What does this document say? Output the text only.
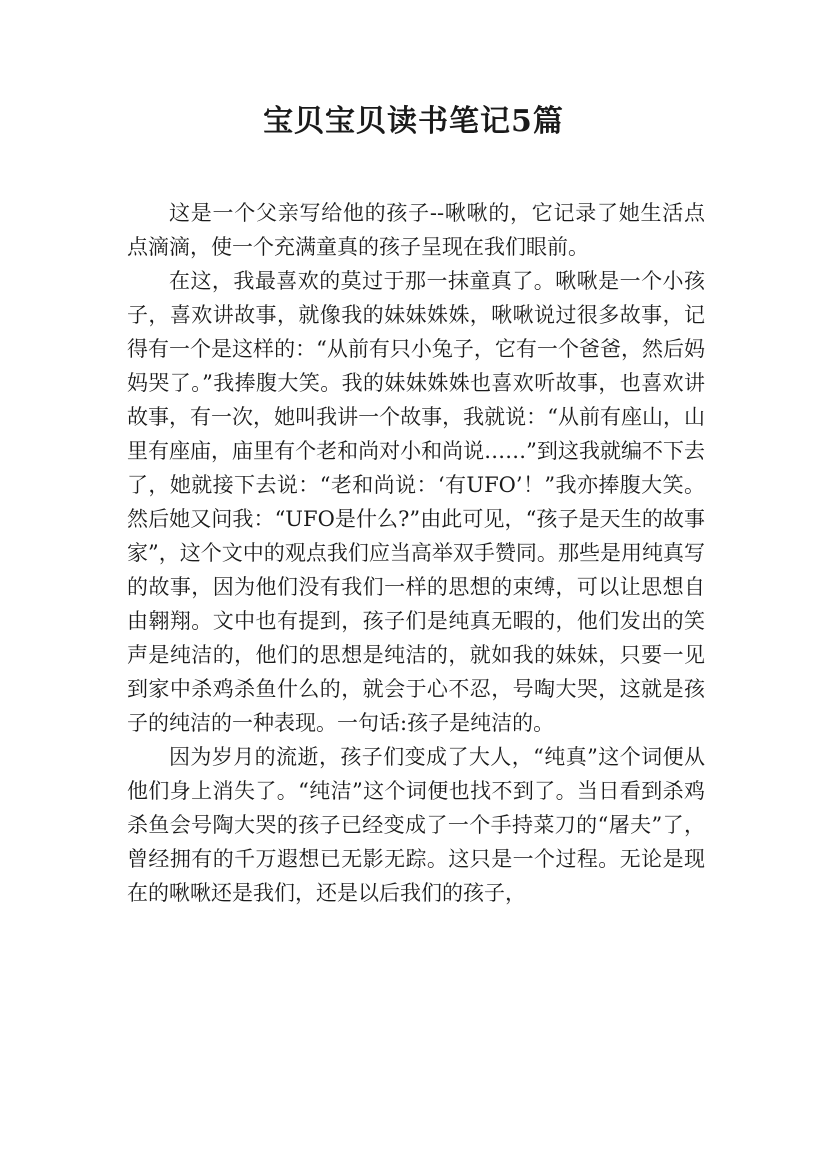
宝贝宝贝读书笔记5篇

这是一个父亲写给他的孩子--啾啾的，它记录了她生活点点滴滴，使一个充满童真的孩子呈现在我们眼前。

在这，我最喜欢的莫过于那一抹童真了。啾啾是一个小孩子，喜欢讲故事，就像我的妹妹姝姝，啾啾说过很多故事，记得有一个是这样的：“从前有只小兔子，它有一个爸爸，然后妈妈哭了。”我捧腹大笑。我的妹妹姝姝也喜欢听故事，也喜欢讲故事，有一次，她叫我讲一个故事，我就说：“从前有座山，山里有座庙，庙里有个老和尚对小和尚说……”到这我就编不下去了，她就接下去说：“老和尚说：‘有UFO’！”我亦捧腹大笑。然后她又问我：“UFO是什么?”由此可见，“孩子是天生的故事家”，这个文中的观点我们应当高举双手赞同。那些是用纯真写的故事，因为他们没有我们一样的思想的束缚，可以让思想自由翱翔。文中也有提到，孩子们是纯真无暇的，他们发出的笑声是纯洁的，他们的思想是纯洁的，就如我的妹妹，只要一见到家中杀鸡杀鱼什么的，就会于心不忍，号啕大哭，这就是孩子的纯洁的一种表现。一句话:孩子是纯洁的。

因为岁月的流逝，孩子们变成了大人，“纯真”这个词便从他们身上消失了。“纯洁”这个词便也找不到了。当日看到杀鸡杀鱼会号陶大哭的孩子已经变成了一个手持菜刀的“屠夫”了，曾经拥有的千万遐想已无影无踪。这只是一个过程。无论是现在的啾啾还是我们，还是以后我们的孩子，
